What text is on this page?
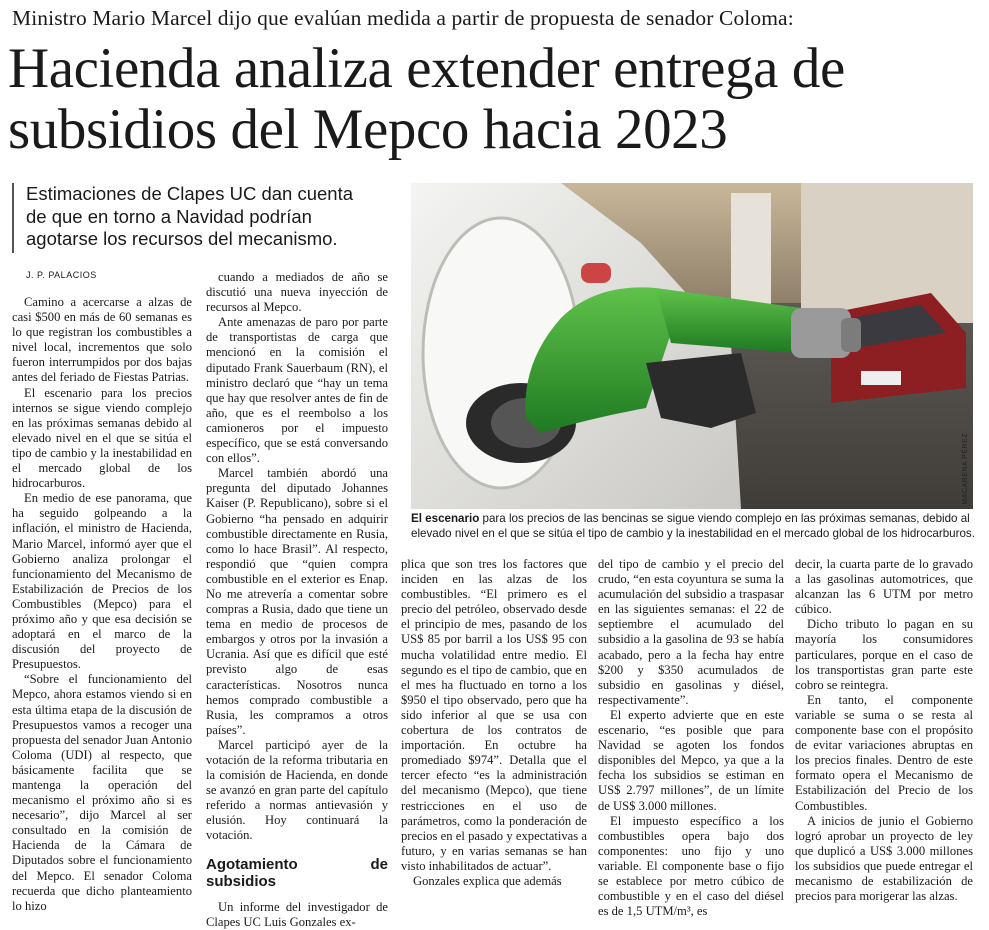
Ministro Mario Marcel dijo que evalúan medida a partir de propuesta de senador Coloma:
Hacienda analiza extender entrega de
subsidios del Mepco hacia 2023
Estimaciones de Clapes UC dan cuenta
de que en torno a Navidad podrían
agotarse los recursos del mecanismo.
J. P. PALACIOS

Camino a acercarse a alzas de casi $500 en más de 60 semanas es lo que registran los combustibles a nivel local, incrementos que solo fueron interrumpidos por dos bajas antes del feriado de Fiestas Patrias.

El escenario para los precios internos se sigue viendo complejo en las próximas semanas debido al elevado nivel en el que se sitúa el tipo de cambio y la inestabilidad en el mercado global de los hidrocarburos.

En medio de ese panorama, que ha seguido golpeando a la inflación, el ministro de Hacienda, Mario Marcel, informó ayer que el Gobierno analiza prolongar el funcionamiento del Mecanismo de Estabilización de Precios de los Combustibles (Mepco) para el próximo año y que esa decisión se adoptará en el marco de la discusión del proyecto de Presupuestos.

“Sobre el funcionamiento del Mepco, ahora estamos viendo si en esta última etapa de la discusión de Presupuestos vamos a recoger una propuesta del senador Juan Antonio Coloma (UDI) al respecto, que básicamente facilita que se mantenga la operación del mecanismo el próximo año si es necesario”, dijo Marcel al ser consultado en la comisión de Hacienda de la Cámara de Diputados sobre el funcionamiento del Mepco. El senador Coloma recuerda que dicho planteamiento lo hizo

cuando a mediados de año se discutió una nueva inyección de recursos al Mepco.

Ante amenazas de paro por parte de transportistas de carga que mencionó en la comisión el diputado Frank Sauerbaum (RN), el ministro declaró que “hay un tema que hay que resolver antes de fin de año, que es el reembolso a los camioneros por el impuesto específico, que se está conversando con ellos”.

Marcel también abordó una pregunta del diputado Johannes Kaiser (P. Republicano), sobre si el Gobierno “ha pensado en adquirir combustible directamente en Rusia, como lo hace Brasil”. Al respecto, respondió que “quien compra combustible en el exterior es Enap. No me atrevería a comentar sobre compras a Rusia, dado que tiene un tema en medio de procesos de embargos y otros por la invasión a Ucrania. Así que es difícil que esté previsto algo de esas características. Nosotros nunca hemos comprado combustible a Rusia, les compramos a otros países”.

Marcel participó ayer de la votación de la reforma tributaria en la comisión de Hacienda, en donde se avanzó en gran parte del capítulo referido a normas antievasión y elusión. Hoy continuará la votación.

Agotamiento de subsidios

Un informe del investigador de Clapes UC Luis Gonzales ex-

MACARENA PÉREZ
El escenario para los precios de las bencinas se sigue viendo complejo en las próximas semanas, debido al elevado nivel en el que se sitúa el tipo de cambio y la inestabilidad en el mercado global de los hidrocarburos.

plica que son tres los factores que inciden en las alzas de los combustibles. “El primero es el precio del petróleo, observado desde el principio de mes, pasando de los US$ 85 por barril a los US$ 95 con mucha volatilidad entre medio. El segundo es el tipo de cambio, que en el mes ha fluctuado en torno a los $950 el tipo observado, pero que ha sido inferior al que se usa con cobertura de los contratos de importación. En octubre ha promediado $974”. Detalla que el tercer efecto “es la administración del mecanismo (Mepco), que tiene restricciones en el uso de parámetros, como la ponderación de precios en el pasado y expectativas a futuro, y en varias semanas se han visto inhabilitados de actuar”.

Gonzales explica que además

del tipo de cambio y el precio del crudo, “en esta coyuntura se suma la acumulación del subsidio a traspasar en las siguientes semanas: el 22 de septiembre el acumulado del subsidio a la gasolina de 93 se había acabado, pero a la fecha hay entre $200 y $350 acumulados de subsidio en gasolinas y diésel, respectivamente”.

El experto advierte que en este escenario, “es posible que para Navidad se agoten los fondos disponibles del Mepco, ya que a la fecha los subsidios se estiman en US$ 2.797 millones”, de un límite de US$ 3.000 millones.

El impuesto específico a los combustibles opera bajo dos componentes: uno fijo y uno variable. El componente base o fijo se establece por metro cúbico de combustible y en el caso del diésel es de 1,5 UTM/m³, es

decir, la cuarta parte de lo gravado a las gasolinas automotrices, que alcanzan las 6 UTM por metro cúbico.

Dicho tributo lo pagan en su mayoría los consumidores particulares, porque en el caso de los transportistas gran parte este cobro se reintegra.

En tanto, el componente variable se suma o se resta al componente base con el propósito de evitar variaciones abruptas en los precios finales. Dentro de este formato opera el Mecanismo de Estabilización del Precio de los Combustibles.

A inicios de junio el Gobierno logró aprobar un proyecto de ley que duplicó a US$ 3.000 millones los subsidios que puede entregar el mecanismo de estabilización de precios para morigerar las alzas.
